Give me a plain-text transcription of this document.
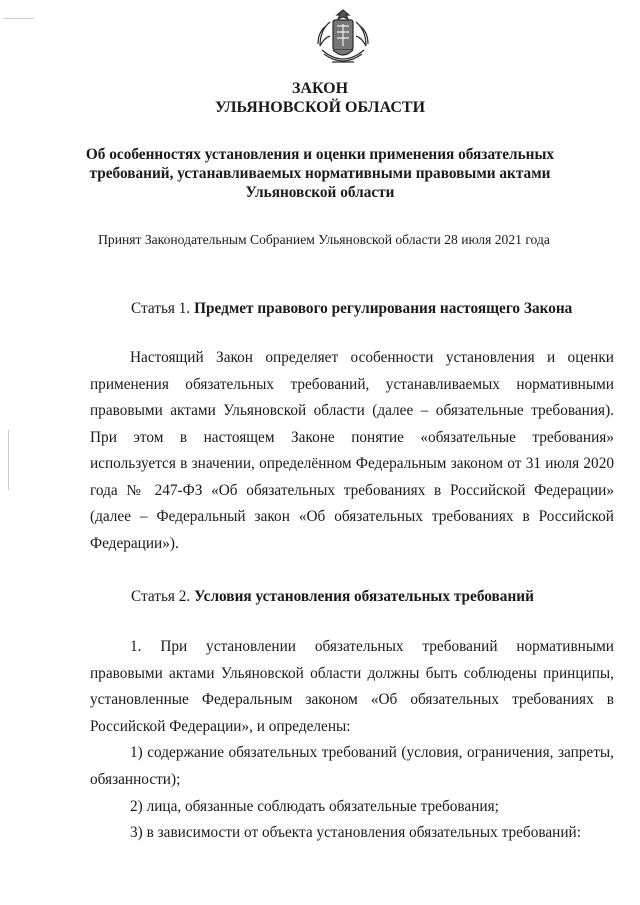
ЗАКОН
УЛЬЯНОВСКОЙ ОБЛАСТИ
Об особенностях установления и оценки применения обязательных
требований, устанавливаемых нормативными правовыми актами
Ульяновской области
Принят Законодательным Собранием Ульяновской области 28 июля 2021 года
Статья 1. Предмет правового регулирования настоящего Закона

Настоящий Закон определяет особенности установления и оценки применения обязательных требований, устанавливаемых нормативными правовыми актами Ульяновской области (далее – обязательные требования). При этом в настоящем Законе понятие «обязательные требования» используется в значении, определённом Федеральным законом от 31 июля 2020 года № 247-ФЗ «Об обязательных требованиях в Российской Федерации» (далее – Федеральный закон «Об обязательных требованиях в Российской Федерации»).

Статья 2. Условия установления обязательных требований

1. При установлении обязательных требований нормативными правовыми актами Ульяновской области должны быть соблюдены принципы, установленные Федеральным законом «Об обязательных требованиях в Российской Федерации», и определены:

1) содержание обязательных требований (условия, ограничения, запреты, обязанности);

2) лица, обязанные соблюдать обязательные требования;

3) в зависимости от объекта установления обязательных требований:
